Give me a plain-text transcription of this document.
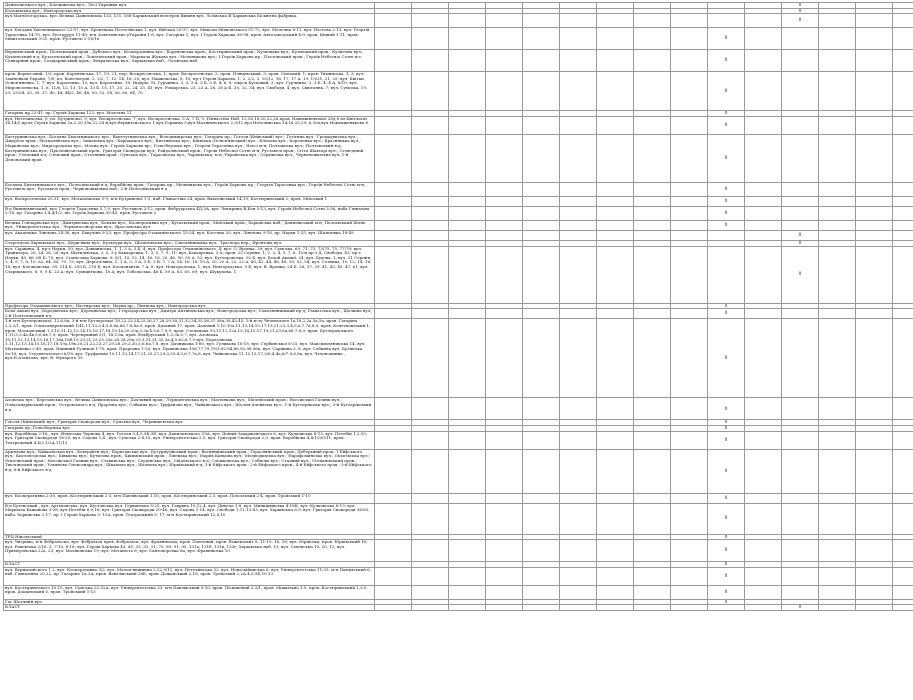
Даниловського вул.; Клочківська вул.; Лесі Українки вул.												X			
Клочківська вул.; Новгородська вул.												X			
вул.Магнітогорська, вул. Велика Данилівська 133, 131, 168-Харківський велотрек Вишня вул. Лозівська Я Харківська Бісквітна фабрика.												X			
вул. Богдана Хмельницького 23-37, вул. Бронецька Пестелівська 1, вул. Війська 20-37, вул. Миколи Міхновського 51-72, вул. Молочна 6-11, вул. Пестова 2-13, вул. Георгія Тарасенка 14-70, вул. Рустаველі 11-49, м-н Залютинське уУкраїни 1-8, вул. Гагаріна 1, вул. І Героїв Харкова 36-98, пров. Автозаводський 4-9, пров. Кіцний 3-11, пров. Миштольський 3-31, пров. Руставелі 2-18/16										X					
Верхнєвський пров.; Полтавський пров.; Дубового вул.; Кооперативна вул.; Кореневська пров.; Костюринський пров.; Кузнецька вул.; Кузнецький пров.; Кузнечна вул.; Кутаєвський в-д; Кутасевський пров.; Лопатінський пров.; Маршала Жукова вул.; Мельникова вул.; І Героїв Харкова пр.; Пастовський пров.; Героїв Небесної Сотні м-с; Сонкарний пров.; Солідаривський пров.; Февральська вул.; Харківська наб.; Лозівська наб.										X					
пров. Вернесовий, 1/3; пров. Кореневська, 17, 19, 21; пер. Воскресенська, 1; пров. Воскресенська, 2; пров. Пляцевський, 3; пров. Сінський, 1; пров. Тиминська, 1, 3; вул. Захінейков Україні, 7/8; пл. Конституції, 2, 2/2, 7, 12, 14, 16, 20; вул. Пашкевська, 8, 10; пр-т Героїв Харкова, 1, 2, 2/2, 3, 10/12, 16, 17, 17 А, 19, 19/21, 21, 25; вул. Квітки Основ'яненко, 1, 7; вул. Короленко, 12; вул. Короленко, 18, Нідерм. Лі. Гурчинко, 3, 3, 3 А, 3 Б, 3 Е, 4, 6, 8; сікуск Бусцовий, 3; вул. Гурчинко, 3, 3 Е, 4, 4 А, 8/10; вул. Миронсоеньска, 1, 6, 11/6, 12, 13, 15 А, 13 Б, 15, 17, 20, 22, 24, 25, 41; вул. Рощарська, 23, 23 А, 26, 28 А-Б, 30, 32, 34; вул. Свободи, 4; вул. Сквітанна, 7; вул. Сумська, 19, 23, 23/34, 25, 35, 37, 40, 44, 44/2, 46, 48, 50, 52, 54, 56, 60, 64, 70.										X					
Гагаріна пр 23-41; пр. Героїв Харкова 122, вул. Молочна 11										X					
вул. Нетечинська, 8; пл. Бутринової, 9; вул. Воскресенська, 7; вул. Воскресенська, 3 А, 7 П, 9. Гімнастіна Наб. 12,16,18,20,22,26,пров. Нахиминевської 28д,8 пл.Квітчатні 14,14/1,пр-кт Героїв Харкова 1а,2,20,19а,22,28 й,вул.Верхнєсвського 1,вул.Гершева 5,вул.Малиновського 2,9/11,вул.Нетечинська 14,16,25,29,,6,30а,вул.Новомженякова 6.										X					
Багтурнинська вул.; Богдана Хмельницького вул.; Вапетутнинська вул.; Володимирська вул.; Гагаріна пр.; Гоголя (Київський) вул.; Гогігина вул.; Громадянська вул.; Джерело пров.; Москалинська вул.; Заїковська вул.; Каріацького вул.; Кизтинська вул.; Київська (Основ'янський) вул.; Клопова вул.; Короленка вул.; Красняцька вул.; Марківська вул.; Миргородська вул.; Мочна вул.; Героїв Харкова пр.; Гольсберзька вул.; Георгія Тарасенка вул.; Ноєсі м-н; Полтавська вул.; Полтавський в-д; Катерининська вул.; Пріоллівезиський пров.; Григорія Сковороди вул.; Райдолівський пров.; Героїв Небесної Сотні м-н; Руставелі пров.; Сітта Шахтарі вул.; Сгеведнній пров.; Степовий в-д; Степовий пров.; Стеляний пров.; Сумська вул.; Тарасівська вул.; Чаріхівська; м-н; Українська вул.; Серхівська вул.; Червоношкільна вул.;1-й Деповський пров.										X					
Богдана Хмельницького вул.; Полтолівський в-д; Воробйова пров.; Гагаріна пр.; Мельникова вул.; Героїв Харкова пр.; Георгія Тарасенка вул.; Героїв Небесної Сотні м-н; Руставелі вул.; Руставелі пров.; Червоношкільна наб.; 2-й Полтолівський в-д										X					
вул. Воскресенська 29,31, вул. Москалівська 5-9, м-н Бутринової 1-3, наб. Гімнастіна 24, пров. Вавелівський 14,19, Костюринський 2, пров. Мінський 1										X					
В-д Вишнєвянський, вул. Георгія Тарасенка 5,7,9, вул. Руставелі 2-12, пров. Фебруарська 4Д,5А, вул. Чигирина В;Бон 5-13, вул. Героїв Небесної Сотні 3-36, наба Гімназіна 2-18, пр. Гагаріна 1,4,4/1/2, пп. Героїв Харкова 35-43, пров. Руставелі 2										X					
Велика Гончарівська вул.; Дмитрівська вул.; Ковчна вул.; Кооперативна вул.; Кутаєвський пров.; Мінський пров.; Харківська наб.; Данилівський м-н; Полтавський Шлях вул.; Університетська вул.; Червоносойсрська вул.; Ярославська вул.										X					
вул. Академіка Лінгвова 24-38, вул. Бакуліна 9-23, вул. Професора Отаманівського 15-34, вул. Косечна 20, вул. Лінгвова 9-18, пр. Науки 1-25, вул. Шатилівка 18-49												X			
Староєдела Харківської вул.; Держ'явна вул.; Культури вул.; Шатилівська вул.; Соколянницька вул.; Траслера пер.; Фронтова вул.												X			
вул. Саржина, 4; пр-т Науки, 50; вул. Довшинська, 1, 1, 3 А, 3 Б, 4; вул. Професора Отаманівського, 4; вул. О. Вронка, 39; вул. Сумська, 69, 71, 73, 73/75, 75, 77/79; вул. Тринклера, 20, 24, 26, 28; вул. Шатилівська, 3, 3, 3-у Бакааргика, 1, 3, 5, 7, 9, 11; вул. Бакааргика, 3 А; пров. 23 Серпня, 1, 2, 3, 4, 5, 7, 8, 10-й пр-т Д. Свободи, 43; пр-т Науки, 40, 66, 68 Б, 70; вул. Станіслава Харкова, 8, 8/1, 10, 12, 14, 16, 18, 20, 46, 50, 50 А, 52; вул. Бутлеровська, 92 Б; вул. Белой Акашії, 24; вул. Бухова, 1; вул. 21 Серпня, 3, 4, 5, 7, 8, 10, 62, 64, 65, 70, 73; вул. Дергач'явна, 1, 1 А, 3, 3 А, 3 Б, 3 В, 7, 7 А, 14, 16, 18, 19 А, 20, 20 А, 22, 22 А, 40, 42, 44, 46, 48, 50, 52, 54; вул. Сотника, 10, 12, 14, 16, 18; вул. Клочковська, 99, 114 Б, 259 Б, 276 Б; вул. Космонавтів, 7 А, 8; вул. Новгородська, 1; вул. Новгородська, 9 Б; вул. Я. Вронка, 24 Б, 26, 37, 39, 41, 43, 45, 47, 61; вул. Старицького, 8, 9, 9 Б, 23 А; вул. Сумщиткова, 18 А; вул. Тобольська, 46 Б, 59 А, 63, 65, 69; вул. Шукупова, 1												X			
Професора Отаманівського вул.; Пастирська вул.; Науки пр.; Лінгвова вул.; Новгородська вул.										X					
Білої Акації вул.; Бородінська вул.; Дерецівська вул.; І-городарська вул.; Дмитра Антиповська вул.; Новгородська вул.; Соколянницький пр-д; Гаміатська вул.; Щолкіна вул.; 2-й Полтолівський в-д										X					
1-й м-н Бутлеровської, 12,6,8а; 3-й м-н Бутлерської 18,22,23,24,25,26,27,28,29,30,31,32,34,35,36,37,38а,39,43,45, 1-й м-зу Чеченскоги 1а,18,2,2а,3а,5а, пров. Гагаріна 2,2,2/1, пров. Олександровський 1/41,11,13,3,4,5,6,6а,66,7,8,8а,9, пров. Дальний 17, пров. Дальний 1,10,10а,11,13,14,15,17,19,21,23,3,4,5,6,7,7а,8,9, пров. Кочетковський 1, пров. Московський 1,3,10,11,12,13,14,15,16,17,18,19,1а,20,20а,3,3а,4,5,6,7,8,9, пров. Стельмаха 10,11,12,12а,13,14,15,17,19,21,23,6а,66,7,8,9, пров. Бутлеровського 1,11/3,3,4а,4в,5,6,6в,7,9, пров. Черемушний 3/1, 14,5,8а, пров. Ельбруський 1,3,3а,5,7, вул. Азовська 10,11,12,13,14,15,16,17,18а,18б,19,20,21,23,25,25а,26,28,28а,29,3,31,31,33,3а,4,5,62,6,7,9 вул. Березовська 1,11,12,13,14,15,16,17,18,19а,19в,20,21,22,23,27,29,28,29,3,30,5,6,6а,7,8, вул. Дачникова 1-60, вул. Гуликова 10-18; вул. Гербинської 8-25, вул. Максимілянівська 14, вул. Матюшенко 2-40, пров. Нішиний Гуликов 1-70, пров. Проргина 1-20, вул. Пушкінська 106,77,79,79/1,82,84,86,92,96,96а, вул. Саржина 3, 8, вул. Собкина вул. Бузівська 5а-16, вул. Студентческого 6/18, вул. Труфанова 10,11,13,14,17,21,25,27,29,3,33,4,5,6,7,7а,8, вул. Чайковська 11,12,15,17,3/8,4,4а,6/7,9,6,8а, вул. Чеченскинна , вул.Н.Алєйтова, вул. В. Мухарого 39										X					
Азовська вул.; Березовська вул.; Велика Данилівська вул.; Дохливий пров.; Лермонтовська вул.; Матюнкова вул.; Мачейський пров.; Ноєсівської Галини вул.; Олександрівський пров.; Островського в-д; Прорізна вул.; Собкина вул.; Труфанова вул.; Чайківського вул.; Шолом-Алейхема вул.; 1-й Бутлерівська вул.; 3-й Бутлерівський в-д										X					
Гоголя (Київський) вул.; Григорія Сковороди вул.; Сумська вул.; Чернишевська вул.										X					
Гагаріна пр.;Гольсберзька вул.										X					
вул. Воробйова 2-16,, вул. Ячмєська Чернова 4, вул. Гоголя 3,4,5,9К,9Е, вул. Даниловського 19А, вул. Донців-Захаржевського 6, вул. Кулковська 8-13, вул. Петебін 1,2,10, вул. Григорія Сковороди 18-20, вул. Садова 1,4 , вул. Сумська 2-4,10, вул. Університетська 2,5, вул. Григорія Сковороди 2,5, пров. Воробйова 4,4/1/9/0/11, пров. Театральний 4,4/3,1/2А,11/13										X					
Арктична вул.; Байкальська вул.; Бехерайтн вул.; Борисовська вул.; Бутурнузівський пров.; Васнянківський пров.; Гераснянський пров.; Деберьяній пров.; І Ейфського вул.; Кислоюздська вул.; Ківкцева вул.; Кутилова пров.; Кшимівський пров.; Ліпецька вул.; Маріїв Канцова вул.; Мєдвєдківська вул.; Нарофоминська вул.; Опізгівська вул.; Опізгівський пров.; Ноєсівської Галини вул.; Ставинська вул.; Сердінська вул.; Свідовського в-д; Слєжковська вул.; Собнова вул.; Стадний вул.; Сгепанівський пров.; Тшочівський пров.; Ульянова Олександра вул.; Шкапила вул.; Штанова вул.; Юрківський в-д; 1-й Ейфського пров.; 2-й Ейфського пров.; 4-й Ейфського пров.; 5-й Ейфського в-д; 6-й Ейфського в-д										X					
вул. Кооперативна 2-30, пров. Костюринський 2-3, м-н Павлівський 1,10, пров. Костюринський 2,3, пров. Полсьський 2-4, пров. Тройський 1-10										X					
В-д Бутевський , вул. Артековська, вул. Кустовська вул. Гервинська 5-25, вул. Гаврина 10,12,4, вул. Дінієча 1-8, вул. Минкіцвівська 4-18К, вул. Кулковська 8-13, вул. Маршала Бажанова 3-28, вул.Петебін 6,9,16; вул. Григорія Сковороди 20-46, вул. Садова 1-14, вул. Свободи 1,11,13-43, вул. Харківська 6,9, вул. Григорія Сковороди 38-63, наба. Харківська 2-17, пр. І Героїв Харкова 5- 15А, пров. Театральний 5- 17, м-н Костюринський 12,8,10										X					
ТРЦ Нікольський										X					
вул. Чигрина; м-н Фебральска; вул. Фебрільск пров. Фебральск; вул. Фраянівська; пров. Понтоний; пров. Ражевськйт 8, 11-19, 16, 18; вул. Юрівська; пров. Юрківський 10; вул. Ракевська 2/16, 3, 7-15, 8-18; вул. Героїв Харкова 43, 45, 33, 31, 51, 75, 89, 91, 95, 131а, 131б, 131в, 133г; Харківська наб. 13; вул. Севенська 10, 20, 12; вул. Примерзівська 22а, 23; вул. Маліновська 19; вул. Метанієта 6; вул. Сантопорська 6а; вул. Фраянівська 10										X					
КЛАСТ										X					
вул. Вернисийского 1,2, вул. Кооперативна 3/2, вул. Малом'янжинна 2,22,9/11, вул. Нетечинська 32, вул. Новоскійинська 6, вул. Університетська 11,33, м-н Павлівський 6, наб. Гімназійна 20,22, пр. Гагаріна 1А,2А, пров. Вавелівський 28Б, пров. Дощанський 2,18, пров. Тройський 2,2А,4,3,9Б,10,13										X					
вул. Костюринського 10-15, вул. Сумська 22-32А, вул. Університетська 33, м-н Павлівський 5-10, пров. Піскнвений 2,3/1, пров. Міщкільна 1-5, пров. Костюринський 1,3,5, пров. Дощанський 5, пров. Тройський 1-13										X					
Гаг Шотчинн вул.										X					
КЛАСТ												X			
